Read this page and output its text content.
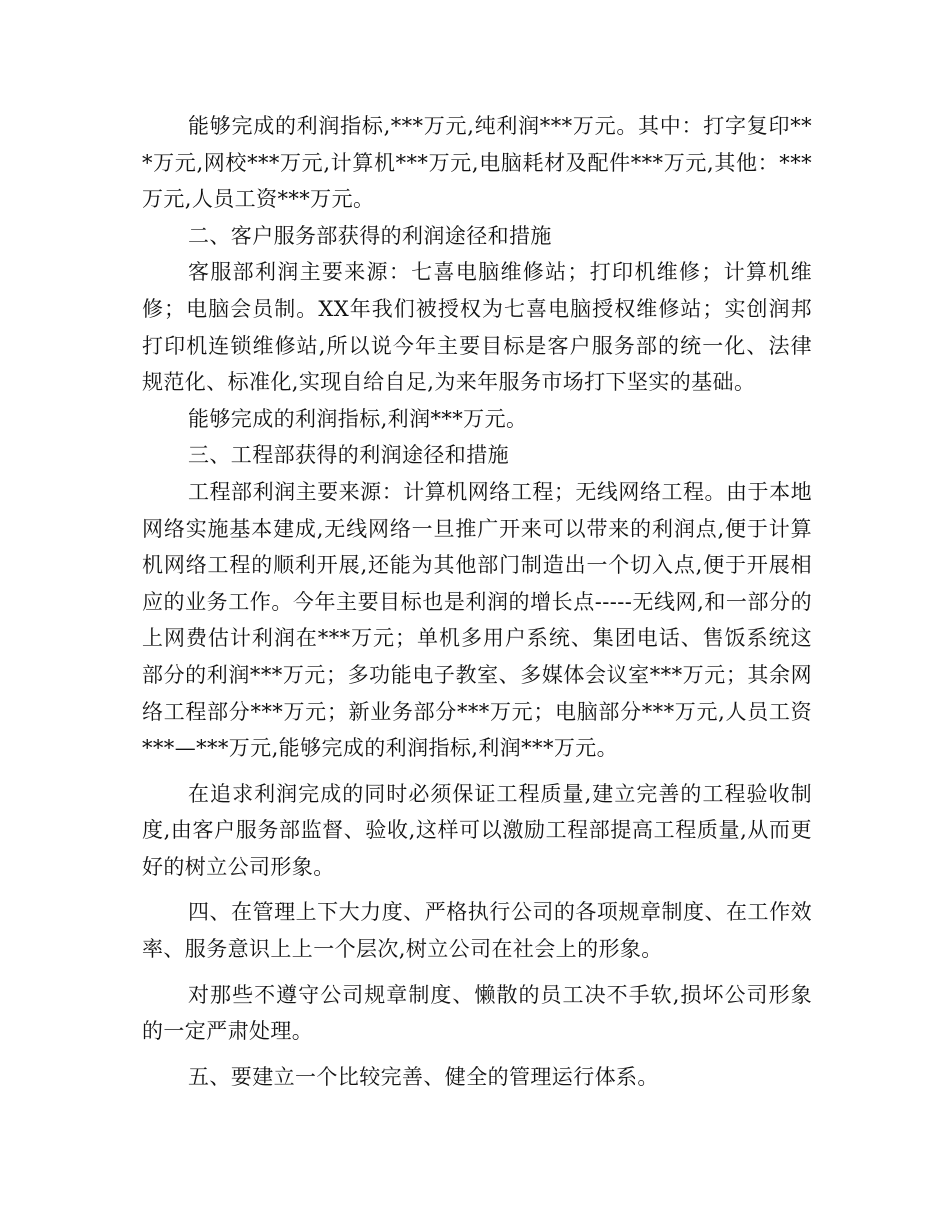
能够完成的利润指标,***万元,纯利润***万元。其中：打字复印***万元,网校***万元,计算机***万元,电脑耗材及配件***万元,其他：***万元,人员工资***万元。

二、客户服务部获得的利润途径和措施

客服部利润主要来源：七喜电脑维修站；打印机维修；计算机维修；电脑会员制。XX年我们被授权为七喜电脑授权维修站；实创润邦打印机连锁维修站,所以说今年主要目标是客户服务部的统一化、法律规范化、标准化,实现自给自足,为来年服务市场打下坚实的基础。

能够完成的利润指标,利润***万元。

三、工程部获得的利润途径和措施

工程部利润主要来源：计算机网络工程；无线网络工程。由于本地网络实施基本建成,无线网络一旦推广开来可以带来的利润点,便于计算机网络工程的顺利开展,还能为其他部门制造出一个切入点,便于开展相应的业务工作。今年主要目标也是利润的增长点-----无线网,和一部分的上网费估计利润在***万元；单机多用户系统、集团电话、售饭系统这部分的利润***万元；多功能电子教室、多媒体会议室***万元；其余网络工程部分***万元；新业务部分***万元；电脑部分***万元,人员工资***—***万元,能够完成的利润指标,利润***万元。

在追求利润完成的同时必须保证工程质量,建立完善的工程验收制度,由客户服务部监督、验收,这样可以激励工程部提高工程质量,从而更好的树立公司形象。

四、在管理上下大力度、严格执行公司的各项规章制度、在工作效率、服务意识上上一个层次,树立公司在社会上的形象。

对那些不遵守公司规章制度、懒散的员工决不手软,损坏公司形象的一定严肃处理。

五、要建立一个比较完善、健全的管理运行体系。
